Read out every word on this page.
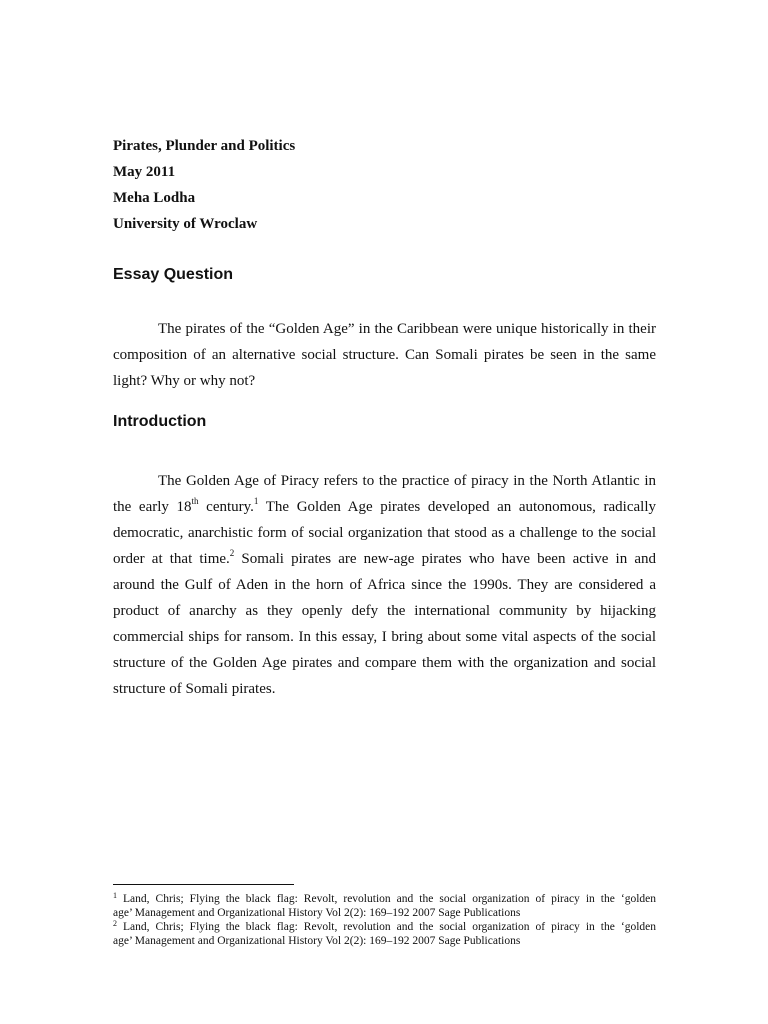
Pirates, Plunder and Politics
May 2011
Meha Lodha
University of Wroclaw
Essay Question
The pirates of the “Golden Age” in the Caribbean were unique historically in their
composition of an alternative social structure. Can Somali pirates be seen in the same
light? Why or why not?
Introduction
The Golden Age of Piracy refers to the practice of piracy in the North Atlantic in
the early 18th century.$^1$ The Golden Age pirates developed an autonomous, radically
democratic, anarchistic form of social organization that stood as a challenge to the social
order at that time.$^2$ Somali pirates are new-age pirates who have been active in and
around the Gulf of Aden in the horn of Africa since the 1990s. They are considered a
product of anarchy as they openly defy the international community by hijacking
commercial ships for ransom. In this essay, I bring about some vital aspects of the social
structure of the Golden Age pirates and compare them with the organization and social
structure of Somali pirates.
$^1$ Land, Chris; Flying the black flag: Revolt, revolution and the social organization of piracy in the ‘golden
age’ Management and Organizational History Vol 2(2): 169–192 2007 Sage Publications
$^2$ Land, Chris; Flying the black flag: Revolt, revolution and the social organization of piracy in the ‘golden
age’ Management and Organizational History Vol 2(2): 169–192 2007 Sage Publications
